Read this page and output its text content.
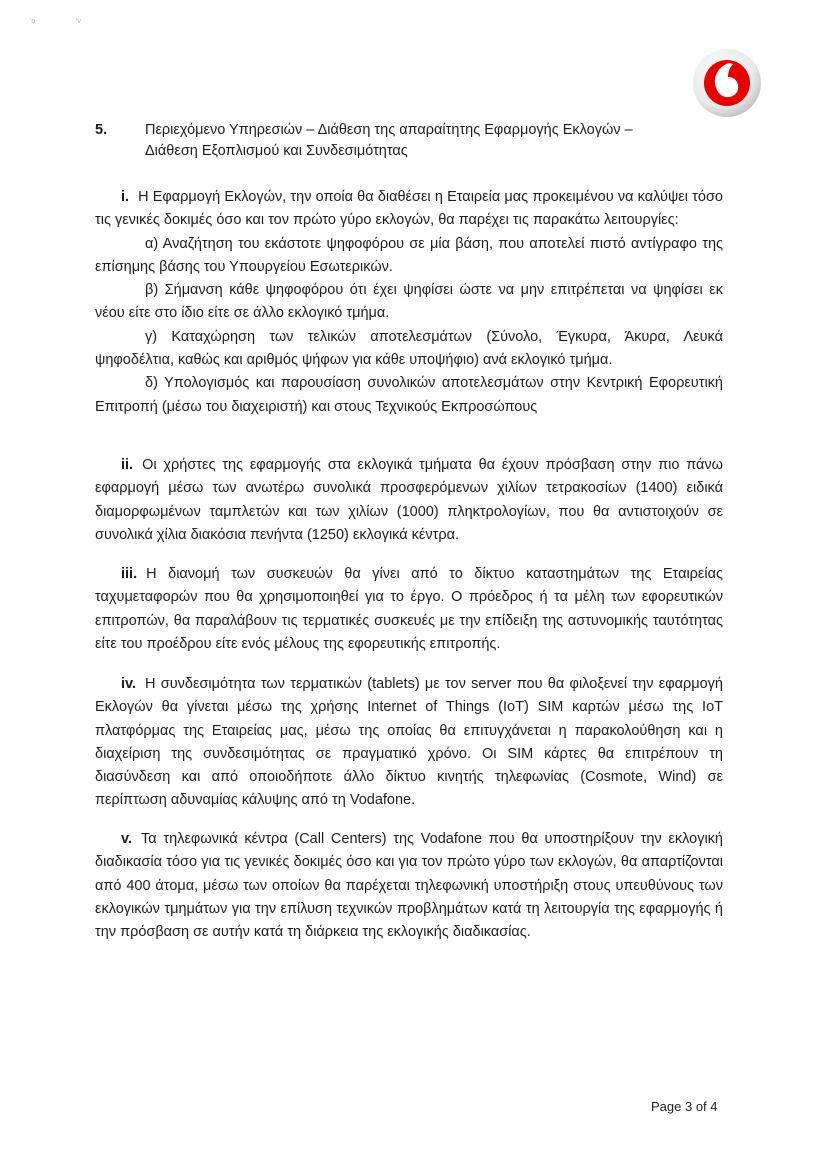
'ο	'ν
5.	Περιεχόμενο Υπηρεσιών – Διάθεση της απαραίτητης Εφαρμογής Εκλογών –
Διάθεση Εξοπλισμού και Συνδεσιμότητας

i. Η Εφαρμογή Εκλογών, την οποία θα διαθέσει η Εταιρεία μας προκειμένου να καλύψει τόσο τις γενικές δοκιμές όσο και τον πρώτο γύρο εκλογών, θα παρέχει τις παρακάτω λειτουργίες:

α) Αναζήτηση του εκάστοτε ψηφοφόρου σε μία βάση, που αποτελεί πιστό αντίγραφο της επίσημης βάσης του Υπουργείου Εσωτερικών.

β) Σήμανση κάθε ψηφοφόρου ότι έχει ψηφίσει ώστε να μην επιτρέπεται να ψηφίσει εκ νέου είτε στο ίδιο είτε σε άλλο εκλογικό τμήμα.

γ) Καταχώρηση των τελικών αποτελεσμάτων (Σύνολο, Έγκυρα, Άκυρα, Λευκά ψηφοδέλτια, καθώς και αριθμός ψήφων για κάθε υποψήφιο) ανά εκλογικό τμήμα.

δ) Υπολογισμός και παρουσίαση συνολικών αποτελεσμάτων στην Κεντρική Εφορευτική Επιτροπή (μέσω του διαχειριστή) και στους Τεχνικούς Εκπροσώπους

ii. Οι χρήστες της εφαρμογής στα εκλογικά τμήματα θα έχουν πρόσβαση στην πιο πάνω εφαρμογή μέσω των ανωτέρω συνολικά προσφερόμενων χιλίων τετρακοσίων (1400) ειδικά διαμορφωμένων ταμπλετών και των χιλίων (1000) πληκτρολογίων, που θα αντιστοιχούν σε συνολικά χίλια διακόσια πενήντα (1250) εκλογικά κέντρα.

iii. Η διανομή των συσκευών θα γίνει από το δίκτυο καταστημάτων της Εταιρείας ταχυμεταφορών που θα χρησιμοποιηθεί για το έργο. Ο πρόεδρος ή τα μέλη των εφορευτικών επιτροπών, θα παραλάβουν τις τερματικές συσκευές με την επίδειξη της αστυνομικής ταυτότητας είτε του προέδρου είτε ενός μέλους της εφορευτικής επιτροπής.

iv. Η συνδεσιμότητα των τερματικών (tablets) με τον server που θα φιλοξενεί την εφαρμογή Εκλογών θα γίνεται μέσω της χρήσης Internet of Things (IoT) SIM καρτών μέσω της IoT πλατφόρμας της Εταιρείας μας, μέσω της οποίας θα επιτυγχάνεται η παρακολούθηση και η διαχείριση της συνδεσιμότητας σε πραγματικό χρόνο. Οι SIM κάρτες θα επιτρέπουν τη διασύνδεση και από οποιοδήποτε άλλο δίκτυο κινητής τηλεφωνίας (Cosmote, Wind) σε περίπτωση αδυναμίας κάλυψης από τη Vodafone.

v. Τα τηλεφωνικά κέντρα (Call Centers) της Vodafone που θα υποστηρίξουν την εκλογική διαδικασία τόσο για τις γενικές δοκιμές όσο και για τον πρώτο γύρο των εκλογών, θα απαρτίζονται από 400 άτομα, μέσω των οποίων θα παρέχεται τηλεφωνική υποστήριξη στους υπευθύνους των εκλογικών τμημάτων για την επίλυση τεχνικών προβλημάτων κατά τη λειτουργία της εφαρμογής ή την πρόσβαση σε αυτήν κατά τη διάρκεια της εκλογικής διαδικασίας.

Page 3 of 4
